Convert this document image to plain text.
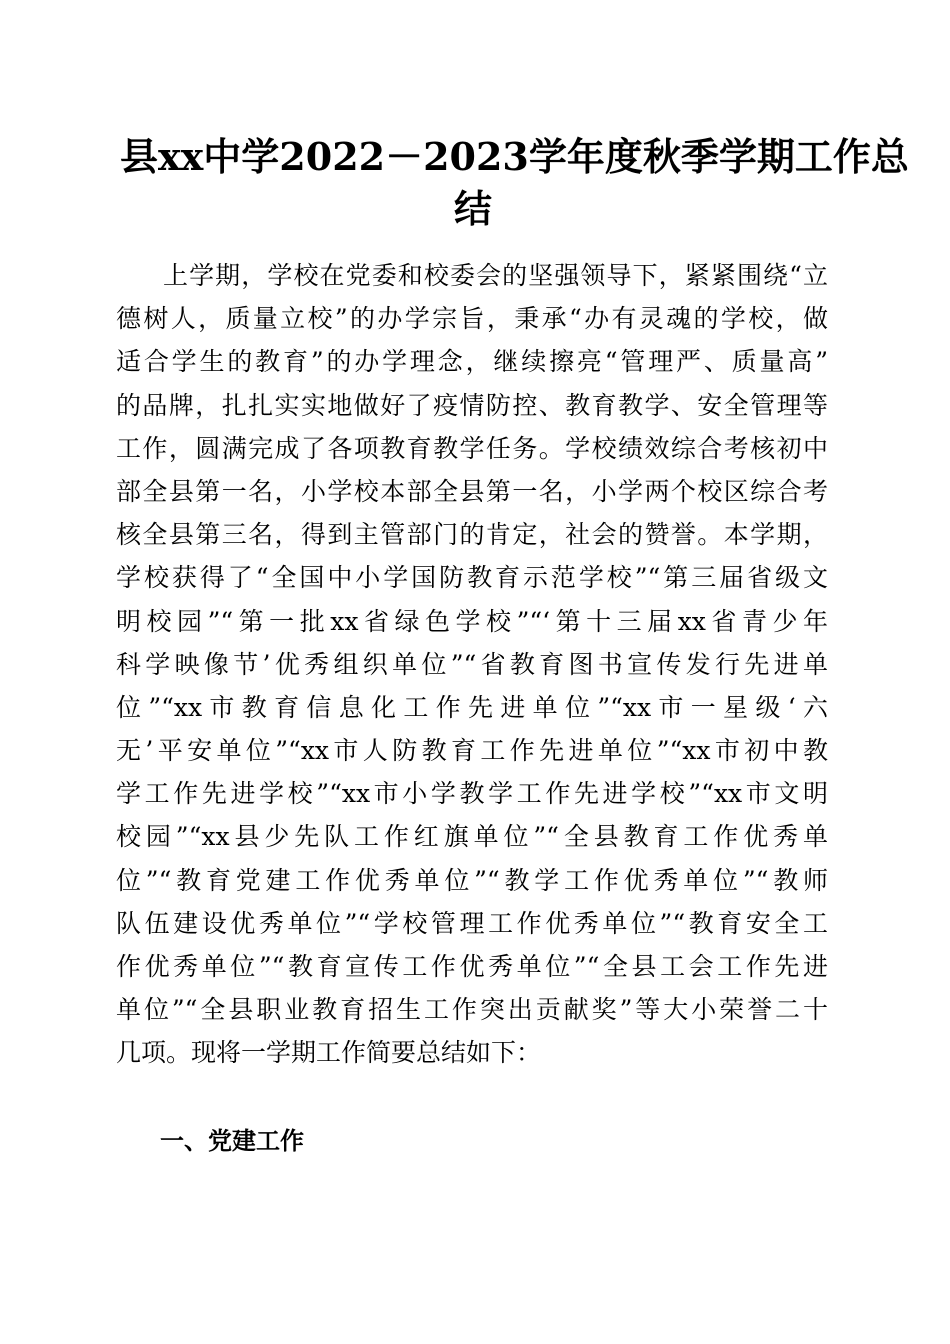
县xx中学2022－2023学年度秋季学期工作总
结
上学期，学校在党委和校委会的坚强领导下，紧紧围绕“立
德树人，质量立校”的办学宗旨，秉承“办有灵魂的学校，做
适合学生的教育”的办学理念，继续擦亮“管理严、质量高”
的品牌，扎扎实实地做好了疫情防控、教育教学、安全管理等
工作，圆满完成了各项教育教学任务。学校绩效综合考核初中
部全县第一名，小学校本部全县第一名，小学两个校区综合考
核全县第三名，得到主管部门的肯定，社会的赞誉。本学期，
学校获得了“全国中小学国防教育示范学校”“第三届省级文
明校园”“第一批xx省绿色学校”“‘第十三届xx省青少年
科学映像节’优秀组织单位”“省教育图书宣传发行先进单
位”“xx市教育信息化工作先进单位”“xx市一星级‘六
无’平安单位”“xx市人防教育工作先进单位”“xx市初中教
学工作先进学校”“xx市小学教学工作先进学校”“xx市文明
校园”“xx县少先队工作红旗单位”“全县教育工作优秀单
位”“教育党建工作优秀单位”“教学工作优秀单位”“教师
队伍建设优秀单位”“学校管理工作优秀单位”“教育安全工
作优秀单位”“教育宣传工作优秀单位”“全县工会工作先进
单位”“全县职业教育招生工作突出贡献奖”等大小荣誉二十
几项。现将一学期工作简要总结如下：
一、党建工作
